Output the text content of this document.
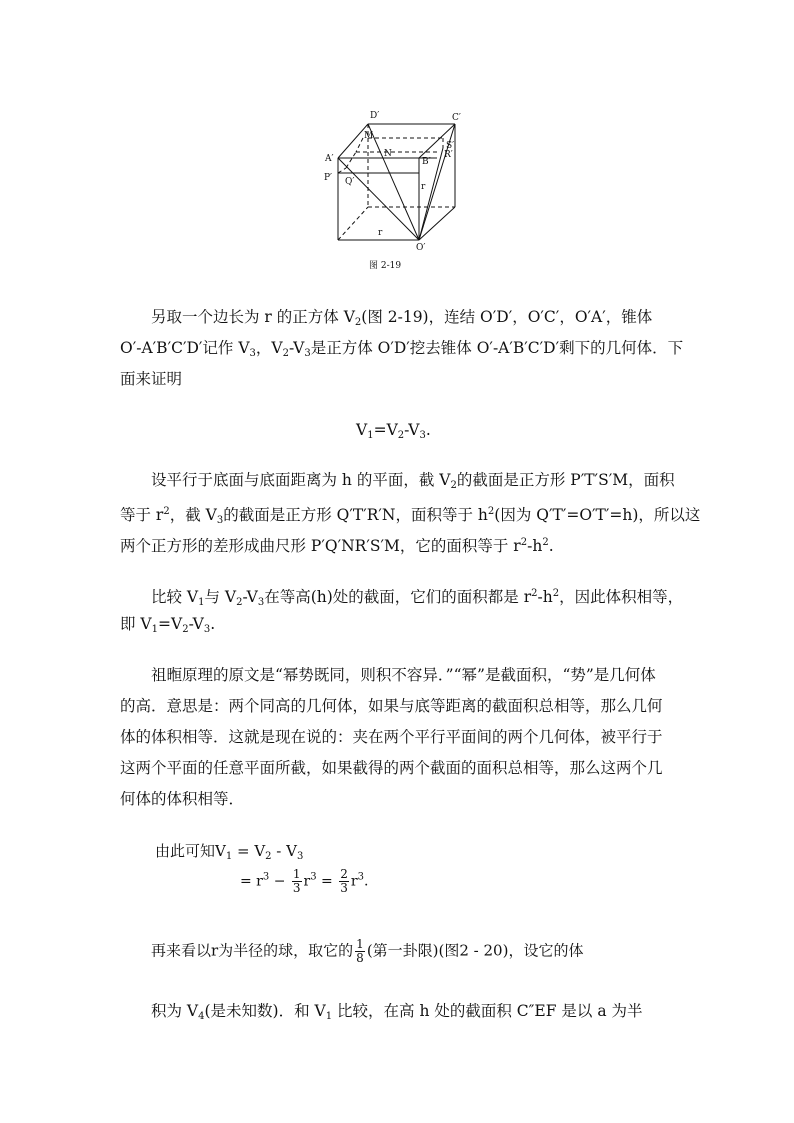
D′	C′
M
S′
N
A′	B′
R′
P′ Q′	r
r
O′
图 2-19
另取一个边长为 r 的正方体 $V_2$(图 2-19)，连结 O′D′，O′C′，O′A′，锥体
O′-A′B′C′D′记作 $V_3$，$V_2-V_3$是正方体 O′D′挖去锥体 O′-A′B′C′D′剩下的几何体．下
面来证明
$V_1=V_2-V_3$.
设平行于底面与底面距离为 h 的平面，截 $V_2$的截面是正方形 P′T′S′M，面积
等于 $r^2$，截 $V_3$的截面是正方形 Q′T′R′N，面积等于 $h^2$(因为 Q′T′=O′T′=h)，所以这
两个正方形的差形成曲尺形 P′Q′NR′S′M，它的面积等于 $r^2-h^2$.
比较 $V_1$与 $V_2-V_3$在等高(h)处的截面，它们的面积都是 $r^2-h^2$，因此体积相等，
即 $V_1=V_2-V_3$.
祖暅原理的原文是“幂势既同，则积不容异．”“幂”是截面积，“势”是几何体
的高．意思是：两个同高的几何体，如果与底等距离的截面积总相等，那么几何
体的体积相等．这就是现在说的：夹在两个平行平面间的两个几何体，被平行于
这两个平面的任意平面所截，如果截得的两个截面的面积总相等，那么这两个几
何体的体积相等．
由此可知$V_1 = V_2 - V_3$
= $r^3 - \frac{1}{3} r^3 = \frac{2}{3} r^3$.
再来看以r为半径的球，取它的 $\frac{1}{8}$ (第一卦限)(图2 - 20)，设它的体
积为 $V_4$(是未知数)．和 $V_1$ 比较，在高 h 处的截面积 C″EF 是以 a 为半
